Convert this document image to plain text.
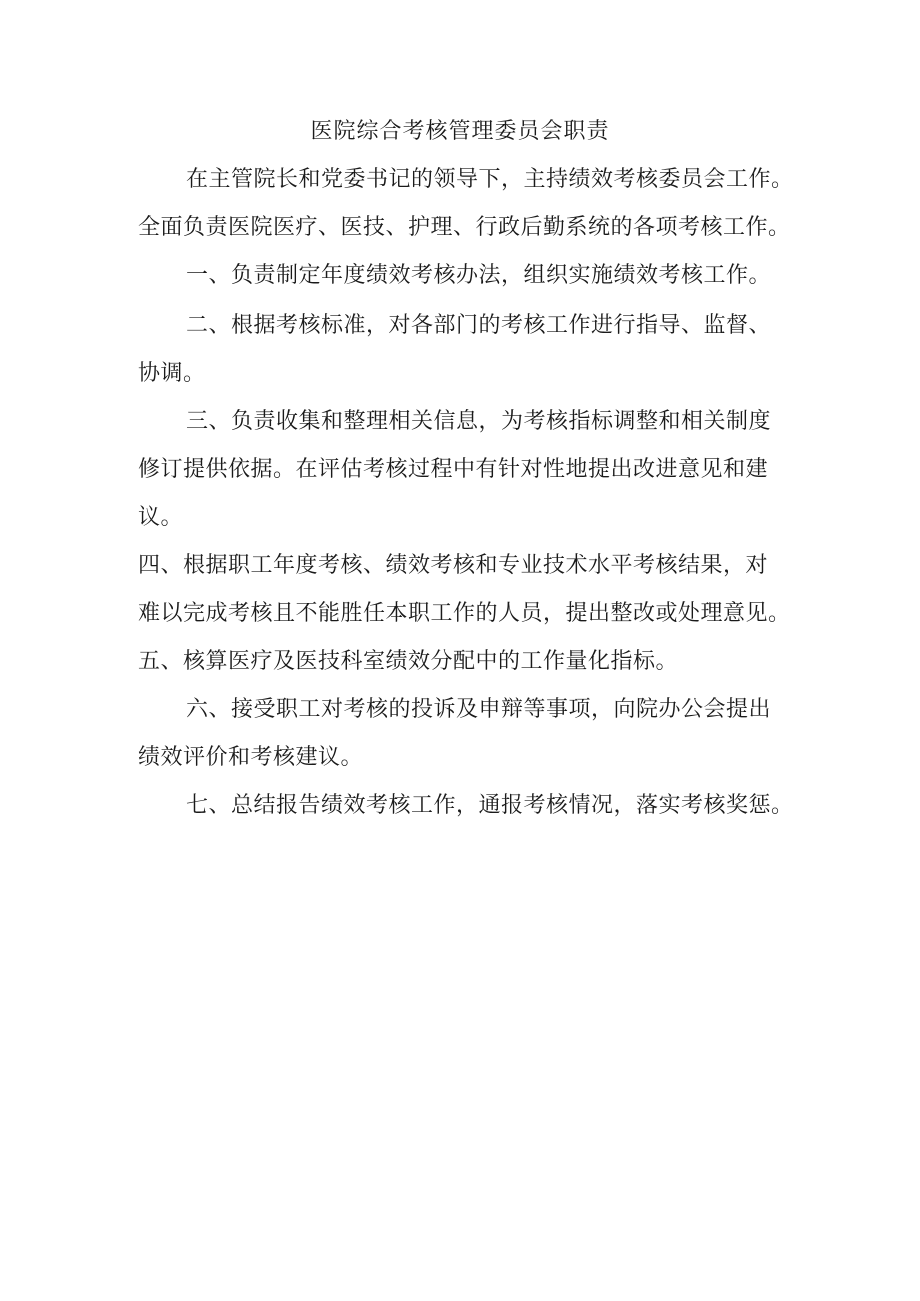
医院综合考核管理委员会职责
在主管院长和党委书记的领导下，主持绩效考核委员会工作。
全面负责医院医疗、医技、护理、行政后勤系统的各项考核工作。
一、负责制定年度绩效考核办法，组织实施绩效考核工作。
二、根据考核标准，对各部门的考核工作进行指导、监督、
协调。
三、负责收集和整理相关信息，为考核指标调整和相关制度
修订提供依据。在评估考核过程中有针对性地提出改进意见和建
议。
四、根据职工年度考核、绩效考核和专业技术水平考核结果，对
难以完成考核且不能胜任本职工作的人员，提出整改或处理意见。
五、核算医疗及医技科室绩效分配中的工作量化指标。
六、接受职工对考核的投诉及申辩等事项，向院办公会提出
绩效评价和考核建议。
七、总结报告绩效考核工作，通报考核情况，落实考核奖惩。
